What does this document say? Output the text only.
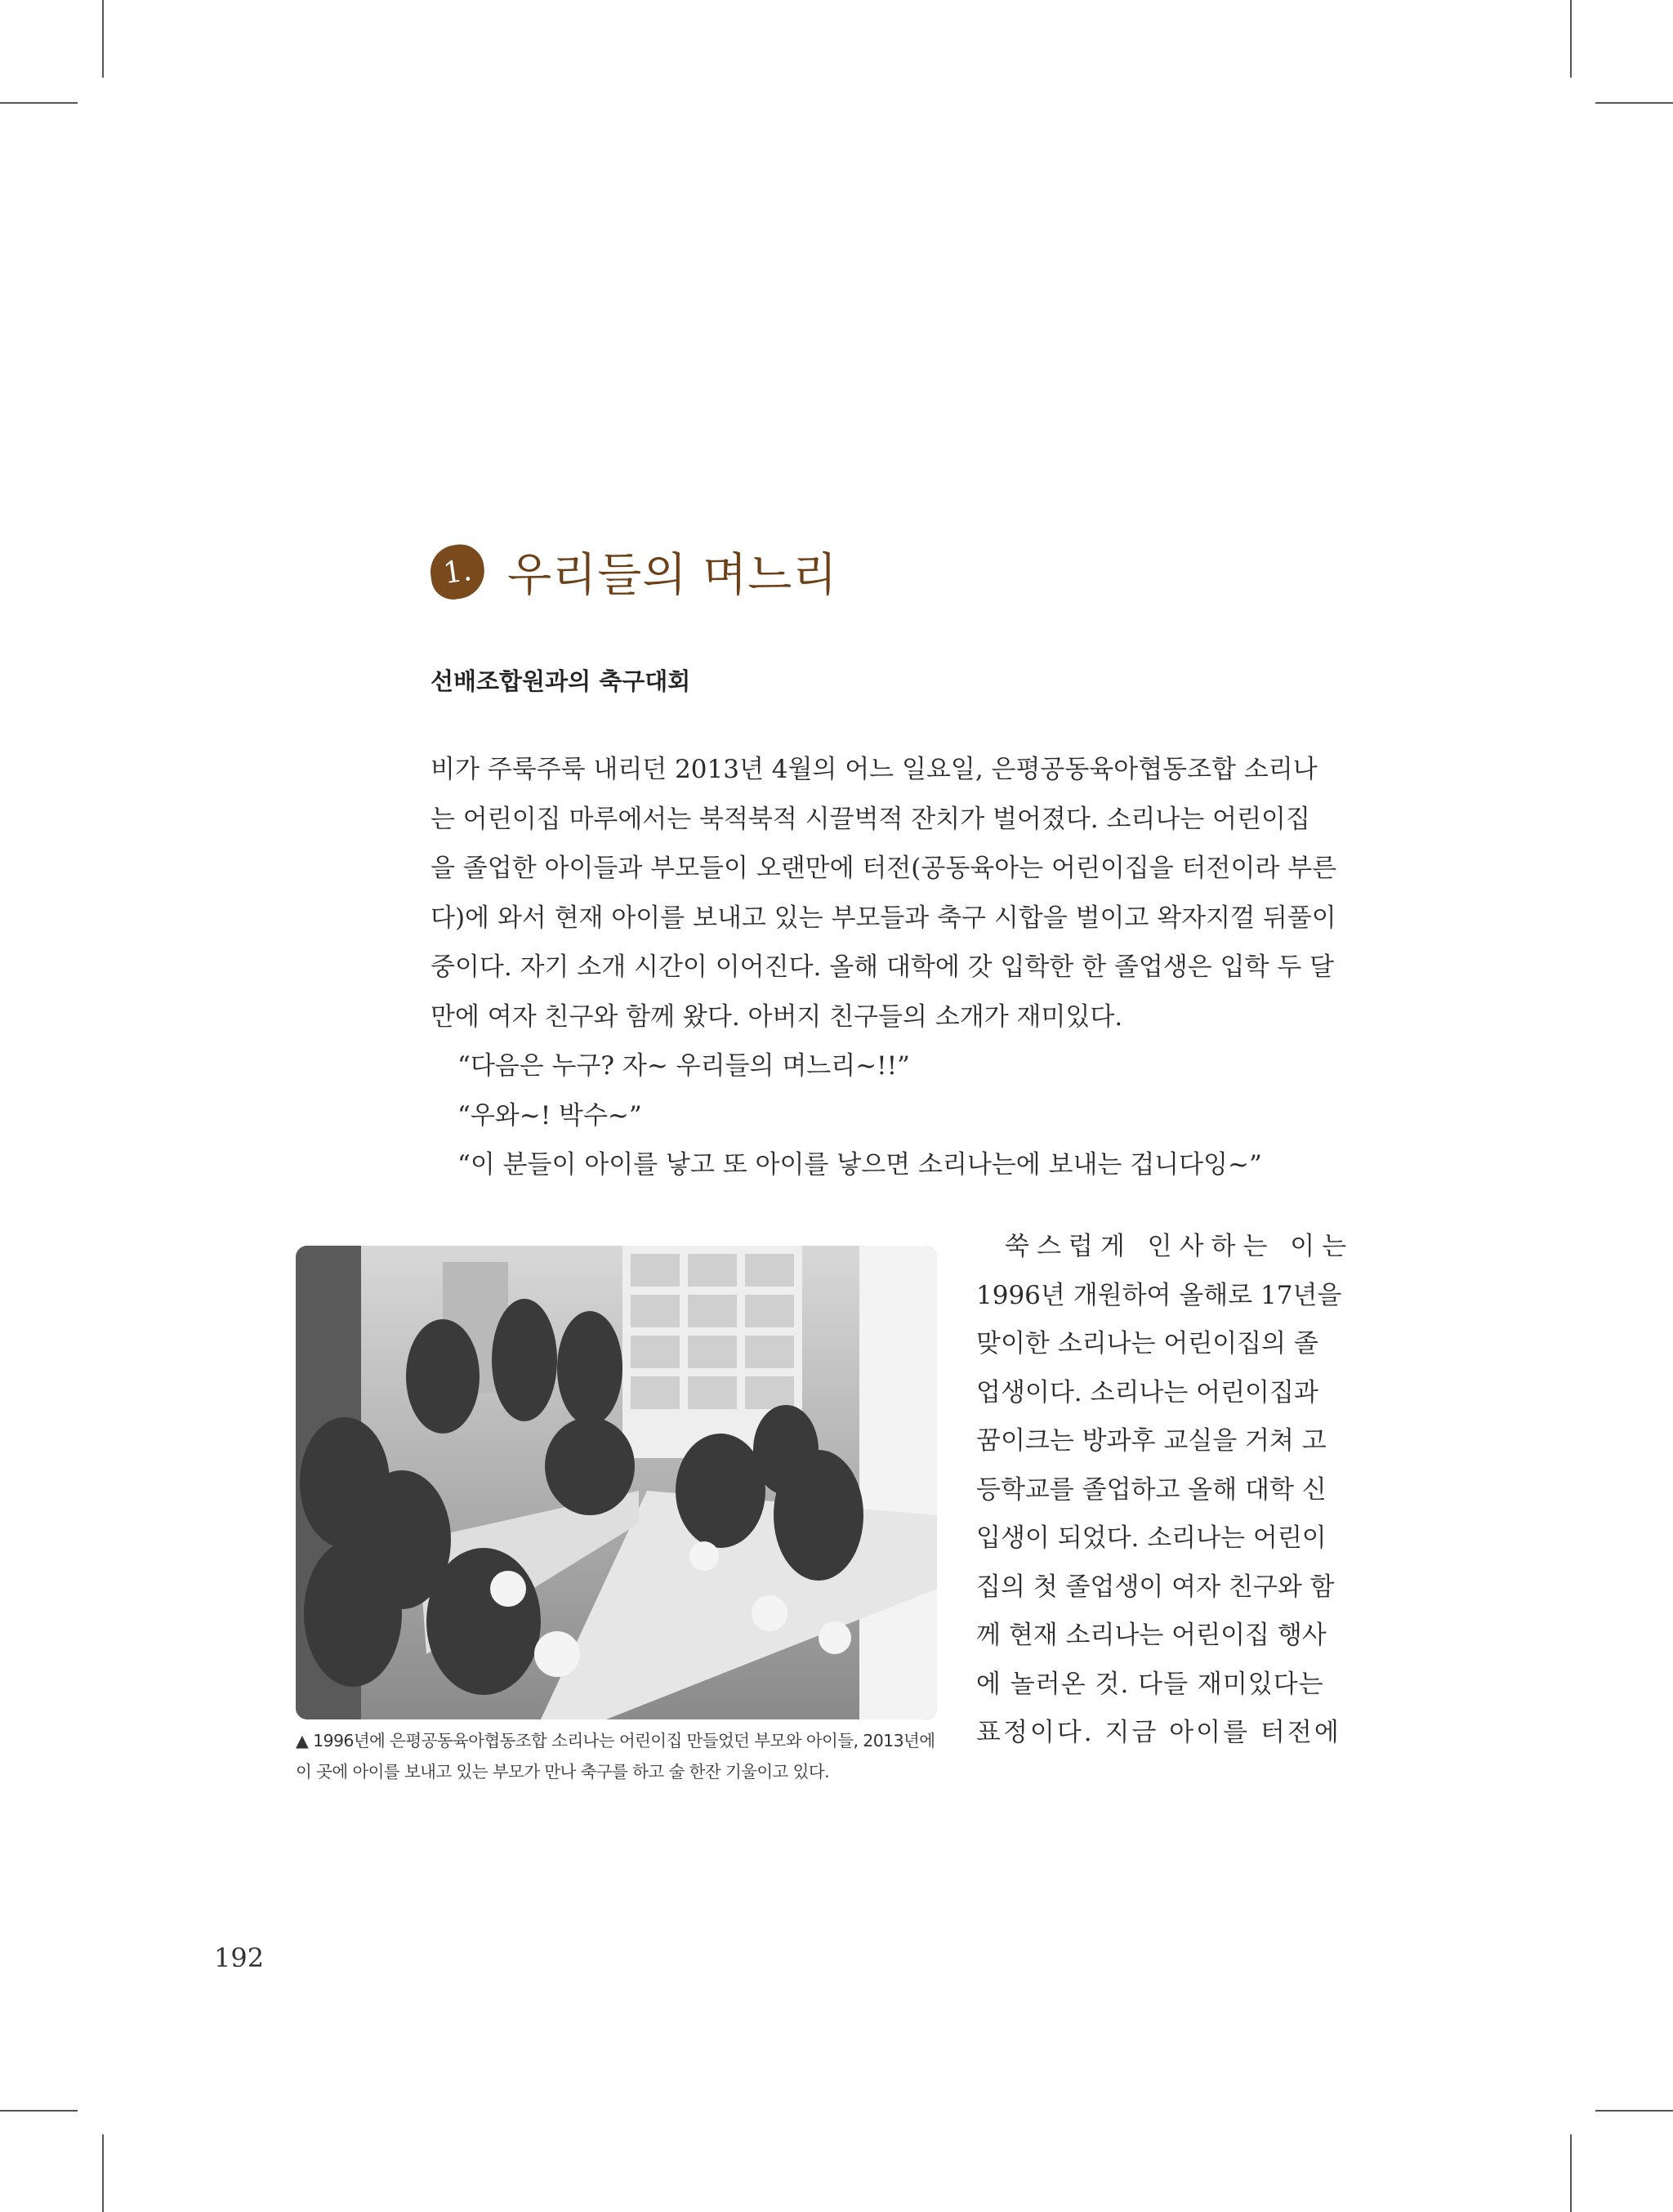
1. 우리들의 며느리
선배조합원과의 축구대회

비가 주룩주룩 내리던 2013년 4월의 어느 일요일, 은평공동육아협동조합 소리나

는 어린이집 마루에서는 북적북적 시끌벅적 잔치가 벌어졌다. 소리나는 어린이집

을 졸업한 아이들과 부모들이 오랜만에 터전(공동육아는 어린이집을 터전이라 부른

다)에 와서 현재 아이를 보내고 있는 부모들과 축구 시합을 벌이고 왁자지껄 뒤풀이

중이다. 자기 소개 시간이 이어진다. 올해 대학에 갓 입학한 한 졸업생은 입학 두 달

만에 여자 친구와 함께 왔다. 아버지 친구들의 소개가 재미있다.

“다음은 누구? 자~ 우리들의 며느리~!!”

“우와~! 박수~”

“이 분들이 아이를 낳고 또 아이를 낳으면 소리나는에 보내는 겁니다잉~”

▲ 1996년에 은평공동육아협동조합 소리나는 어린이집 만들었던 부모와 아이들, 2013년에

이 곳에 아이를 보내고 있는 부모가 만나 축구를 하고 술 한잔 기울이고 있다.

쑥스럽게 인사하는 이는

1996년 개원하여 올해로 17년을

맞이한 소리나는 어린이집의 졸

업생이다. 소리나는 어린이집과

꿈이크는 방과후 교실을 거쳐 고

등학교를 졸업하고 올해 대학 신

입생이 되었다. 소리나는 어린이

집의 첫 졸업생이 여자 친구와 함

께 현재 소리나는 어린이집 행사

에 놀러온 것. 다들 재미있다는

표정이다. 지금 아이를 터전에

192
